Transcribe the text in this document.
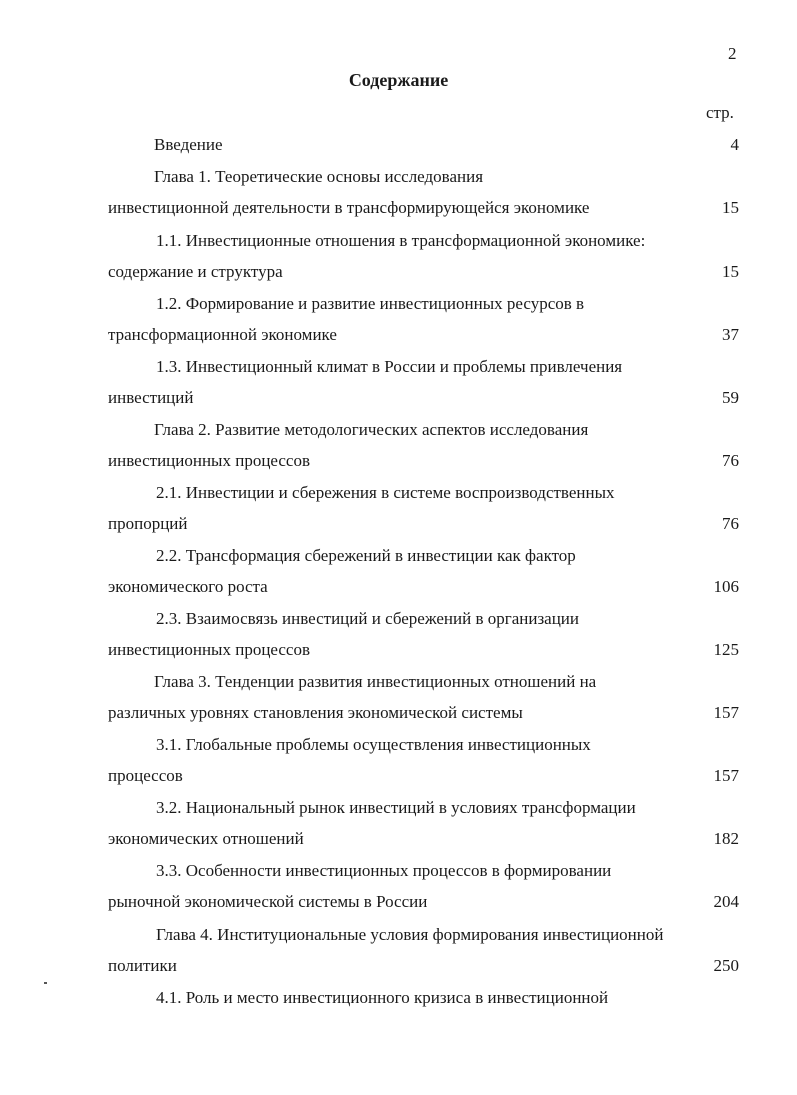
2
Содержание
стр.
Введение	4
Глава 1. Теоретические основы исследования
инвестиционной деятельности в трансформирующейся экономике	15
1.1. Инвестиционные отношения в трансформационной экономике:
содержание и структура	15
1.2. Формирование и развитие инвестиционных ресурсов в
трансформационной экономике	37
1.3. Инвестиционный климат в России и проблемы привлечения
инвестиций	59
Глава 2. Развитие методологических аспектов исследования
инвестиционных процессов	76
2.1. Инвестиции и сбережения в системе воспроизводственных
пропорций	76
2.2. Трансформация сбережений в инвестиции как фактор
экономического роста	106
2.3. Взаимосвязь инвестиций и сбережений в организации
инвестиционных процессов	125
Глава 3. Тенденции развития инвестиционных отношений на
различных уровнях становления экономической системы	157
3.1. Глобальные проблемы осуществления инвестиционных
процессов	157
3.2. Национальный рынок инвестиций в условиях трансформации
экономических отношений	182
3.3. Особенности инвестиционных процессов в формировании
рыночной экономической системы в России	204
Глава 4. Институциональные условия формирования инвестиционной
политики	250
4.1. Роль и место инвестиционного кризиса в инвестиционной
